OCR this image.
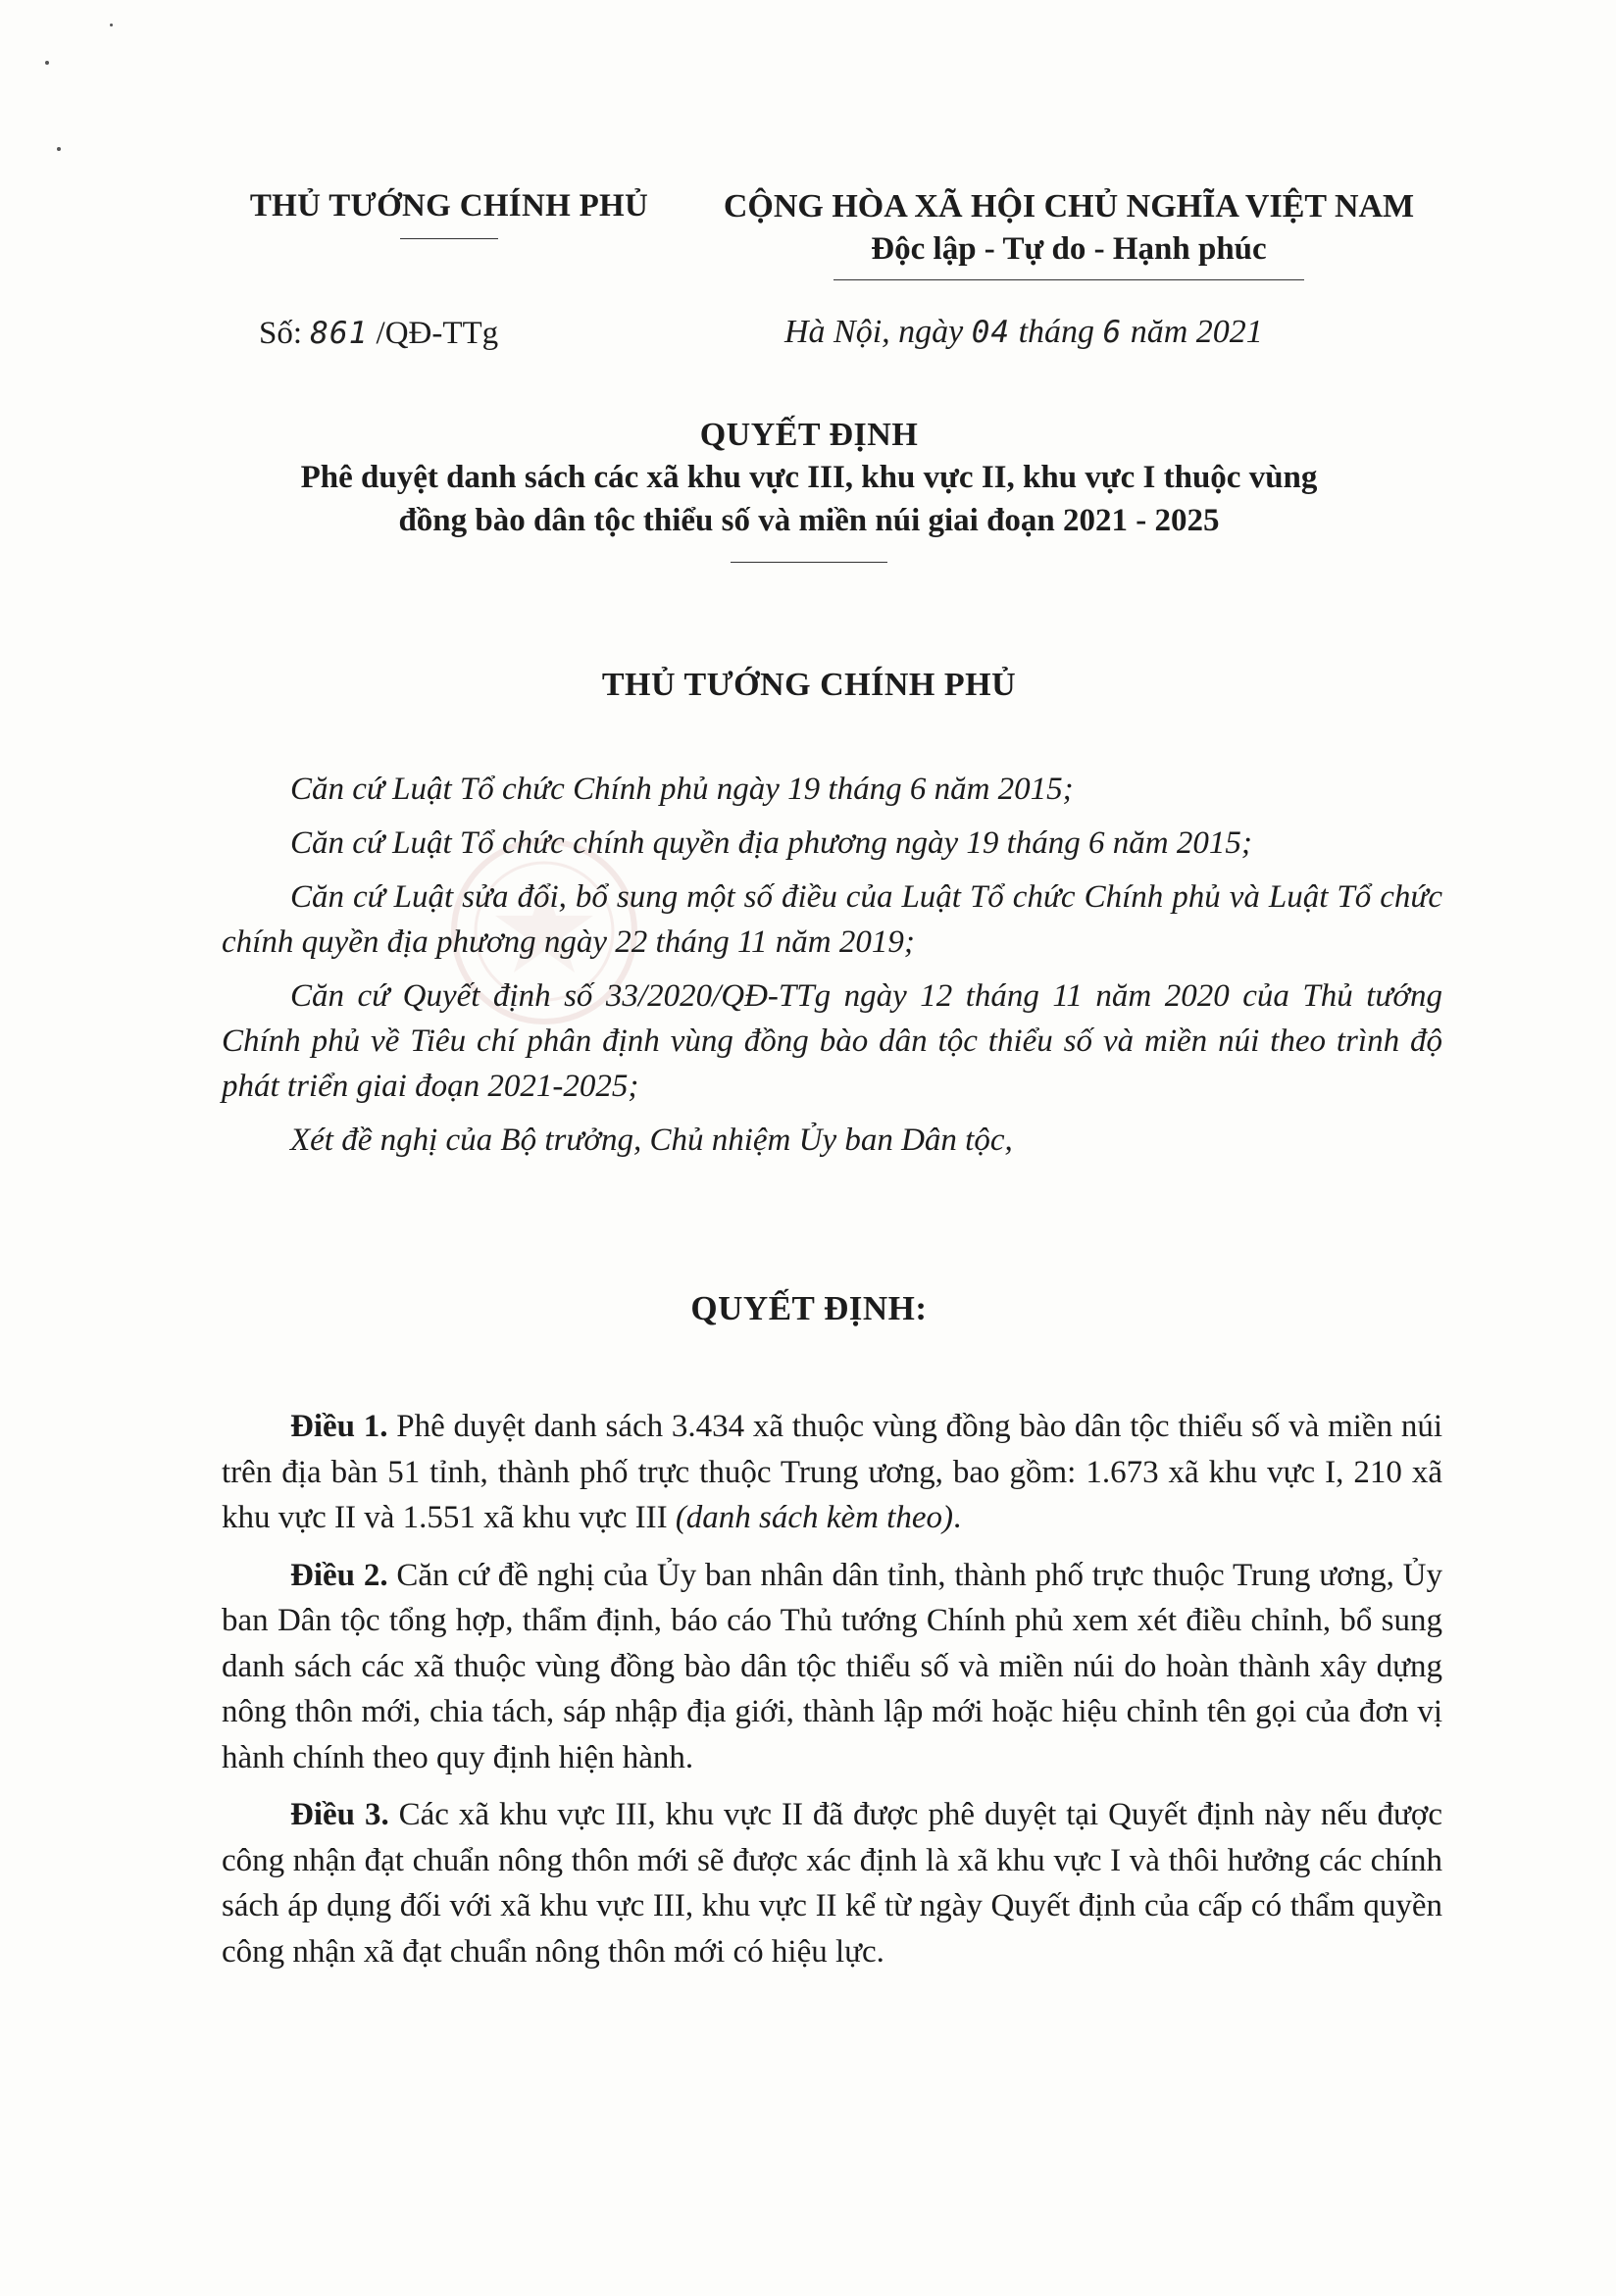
THỦ TƯỚNG CHÍNH PHỦ
Số: 861 /QĐ-TTg
CỘNG HÒA XÃ HỘI CHỦ NGHĨA VIỆT NAM
Độc lập - Tự do - Hạnh phúc
Hà Nội, ngày 04 tháng 6 năm 2021
QUYẾT ĐỊNH
Phê duyệt danh sách các xã khu vực III, khu vực II, khu vực I thuộc vùng
đồng bào dân tộc thiểu số và miền núi giai đoạn 2021 - 2025
THỦ TƯỚNG CHÍNH PHỦ

Căn cứ Luật Tổ chức Chính phủ ngày 19 tháng 6 năm 2015;

Căn cứ Luật Tổ chức chính quyền địa phương ngày 19 tháng 6 năm 2015;

Căn cứ Luật sửa đổi, bổ sung một số điều của Luật Tổ chức Chính phủ và Luật Tổ chức chính quyền địa phương ngày 22 tháng 11 năm 2019;

Căn cứ Quyết định số 33/2020/QĐ-TTg ngày 12 tháng 11 năm 2020 của Thủ tướng Chính phủ về Tiêu chí phân định vùng đồng bào dân tộc thiểu số và miền núi theo trình độ phát triển giai đoạn 2021-2025;

Xét đề nghị của Bộ trưởng, Chủ nhiệm Ủy ban Dân tộc,

QUYẾT ĐỊNH:

Điều 1. Phê duyệt danh sách 3.434 xã thuộc vùng đồng bào dân tộc thiểu số và miền núi trên địa bàn 51 tỉnh, thành phố trực thuộc Trung ương, bao gồm: 1.673 xã khu vực I, 210 xã khu vực II và 1.551 xã khu vực III (danh sách kèm theo).

Điều 2. Căn cứ đề nghị của Ủy ban nhân dân tỉnh, thành phố trực thuộc Trung ương, Ủy ban Dân tộc tổng hợp, thẩm định, báo cáo Thủ tướng Chính phủ xem xét điều chỉnh, bổ sung danh sách các xã thuộc vùng đồng bào dân tộc thiểu số và miền núi do hoàn thành xây dựng nông thôn mới, chia tách, sáp nhập địa giới, thành lập mới hoặc hiệu chỉnh tên gọi của đơn vị hành chính theo quy định hiện hành.

Điều 3. Các xã khu vực III, khu vực II đã được phê duyệt tại Quyết định này nếu được công nhận đạt chuẩn nông thôn mới sẽ được xác định là xã khu vực I và thôi hưởng các chính sách áp dụng đối với xã khu vực III, khu vực II kể từ ngày Quyết định của cấp có thẩm quyền công nhận xã đạt chuẩn nông thôn mới có hiệu lực.
